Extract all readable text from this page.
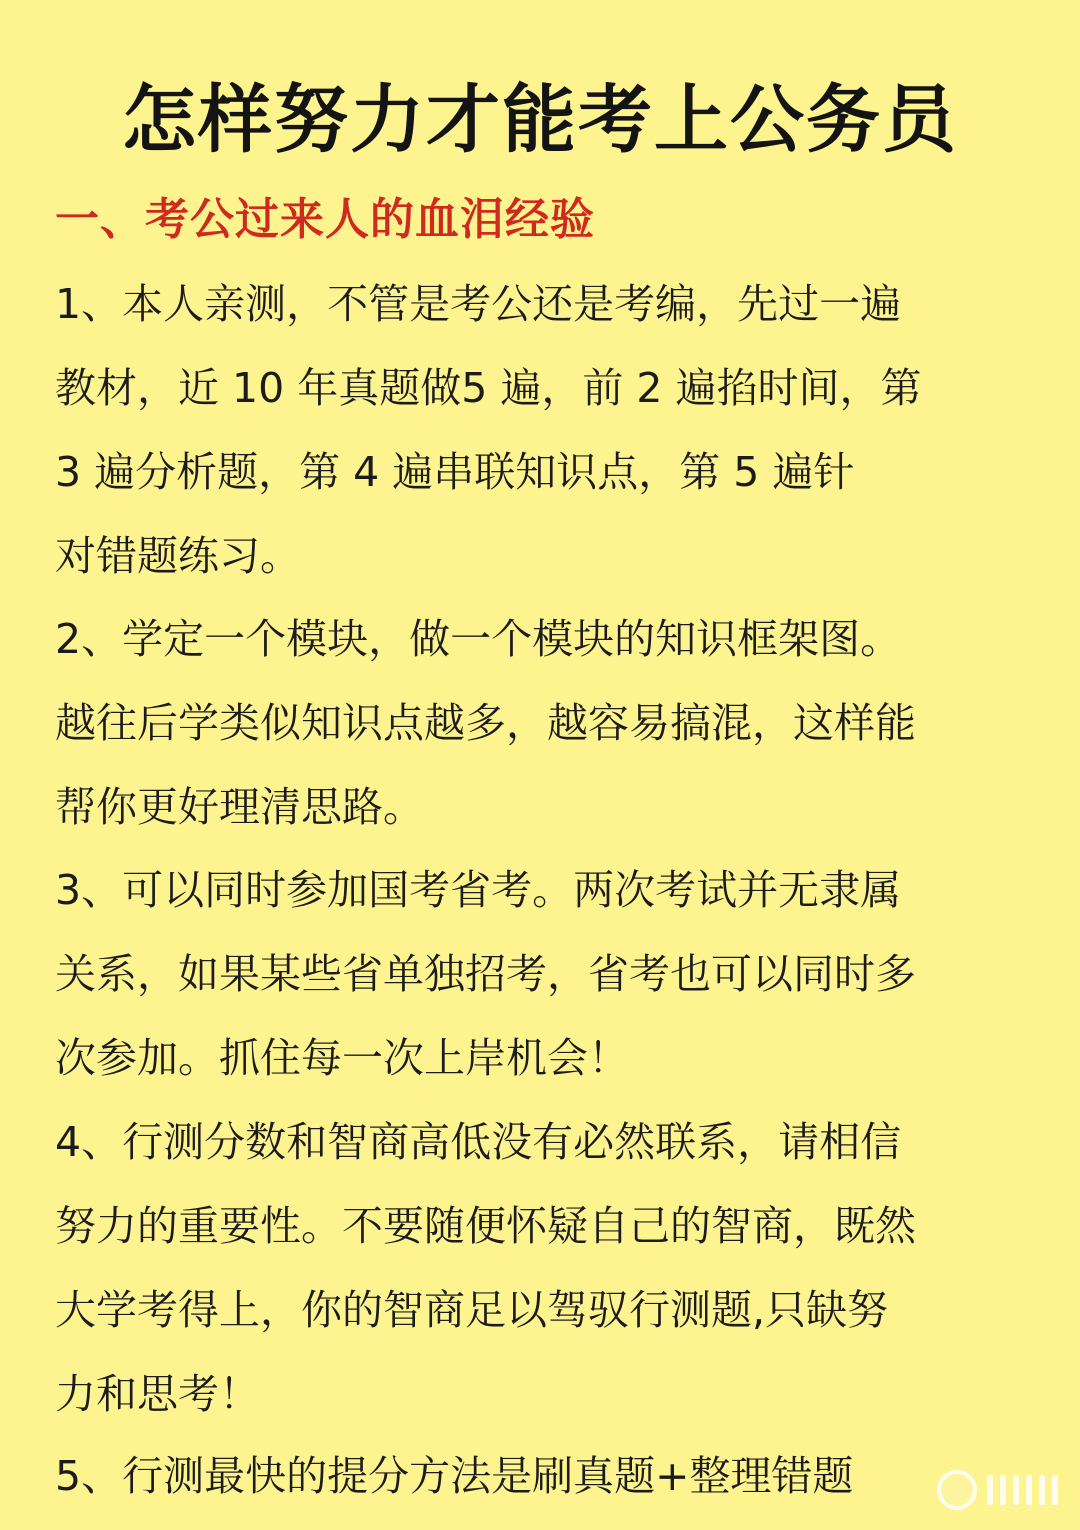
怎样努力才能考上公务员
一、考公过来人的血泪经验
1、本人亲测，不管是考公还是考编，先过一遍
教材，近 10 年真题做5 遍，前 2 遍掐时间，第
3 遍分析题，第 4 遍串联知识点，第 5 遍针
对错题练习。
2、学定一个模块，做一个模块的知识框架图。
越往后学类似知识点越多，越容易搞混，这样能
帮你更好理清思路。
3、可以同时参加国考省考。两次考试并无隶属
关系，如果某些省单独招考，省考也可以同时多
次参加。抓住每一次上岸机会！
4、行测分数和智商高低没有必然联系，请相信
努力的重要性。不要随便怀疑自己的智商，既然
大学考得上，你的智商足以驾驭行测题,只缺努
力和思考！
5、行测最快的提分方法是刷真题+整理错题
